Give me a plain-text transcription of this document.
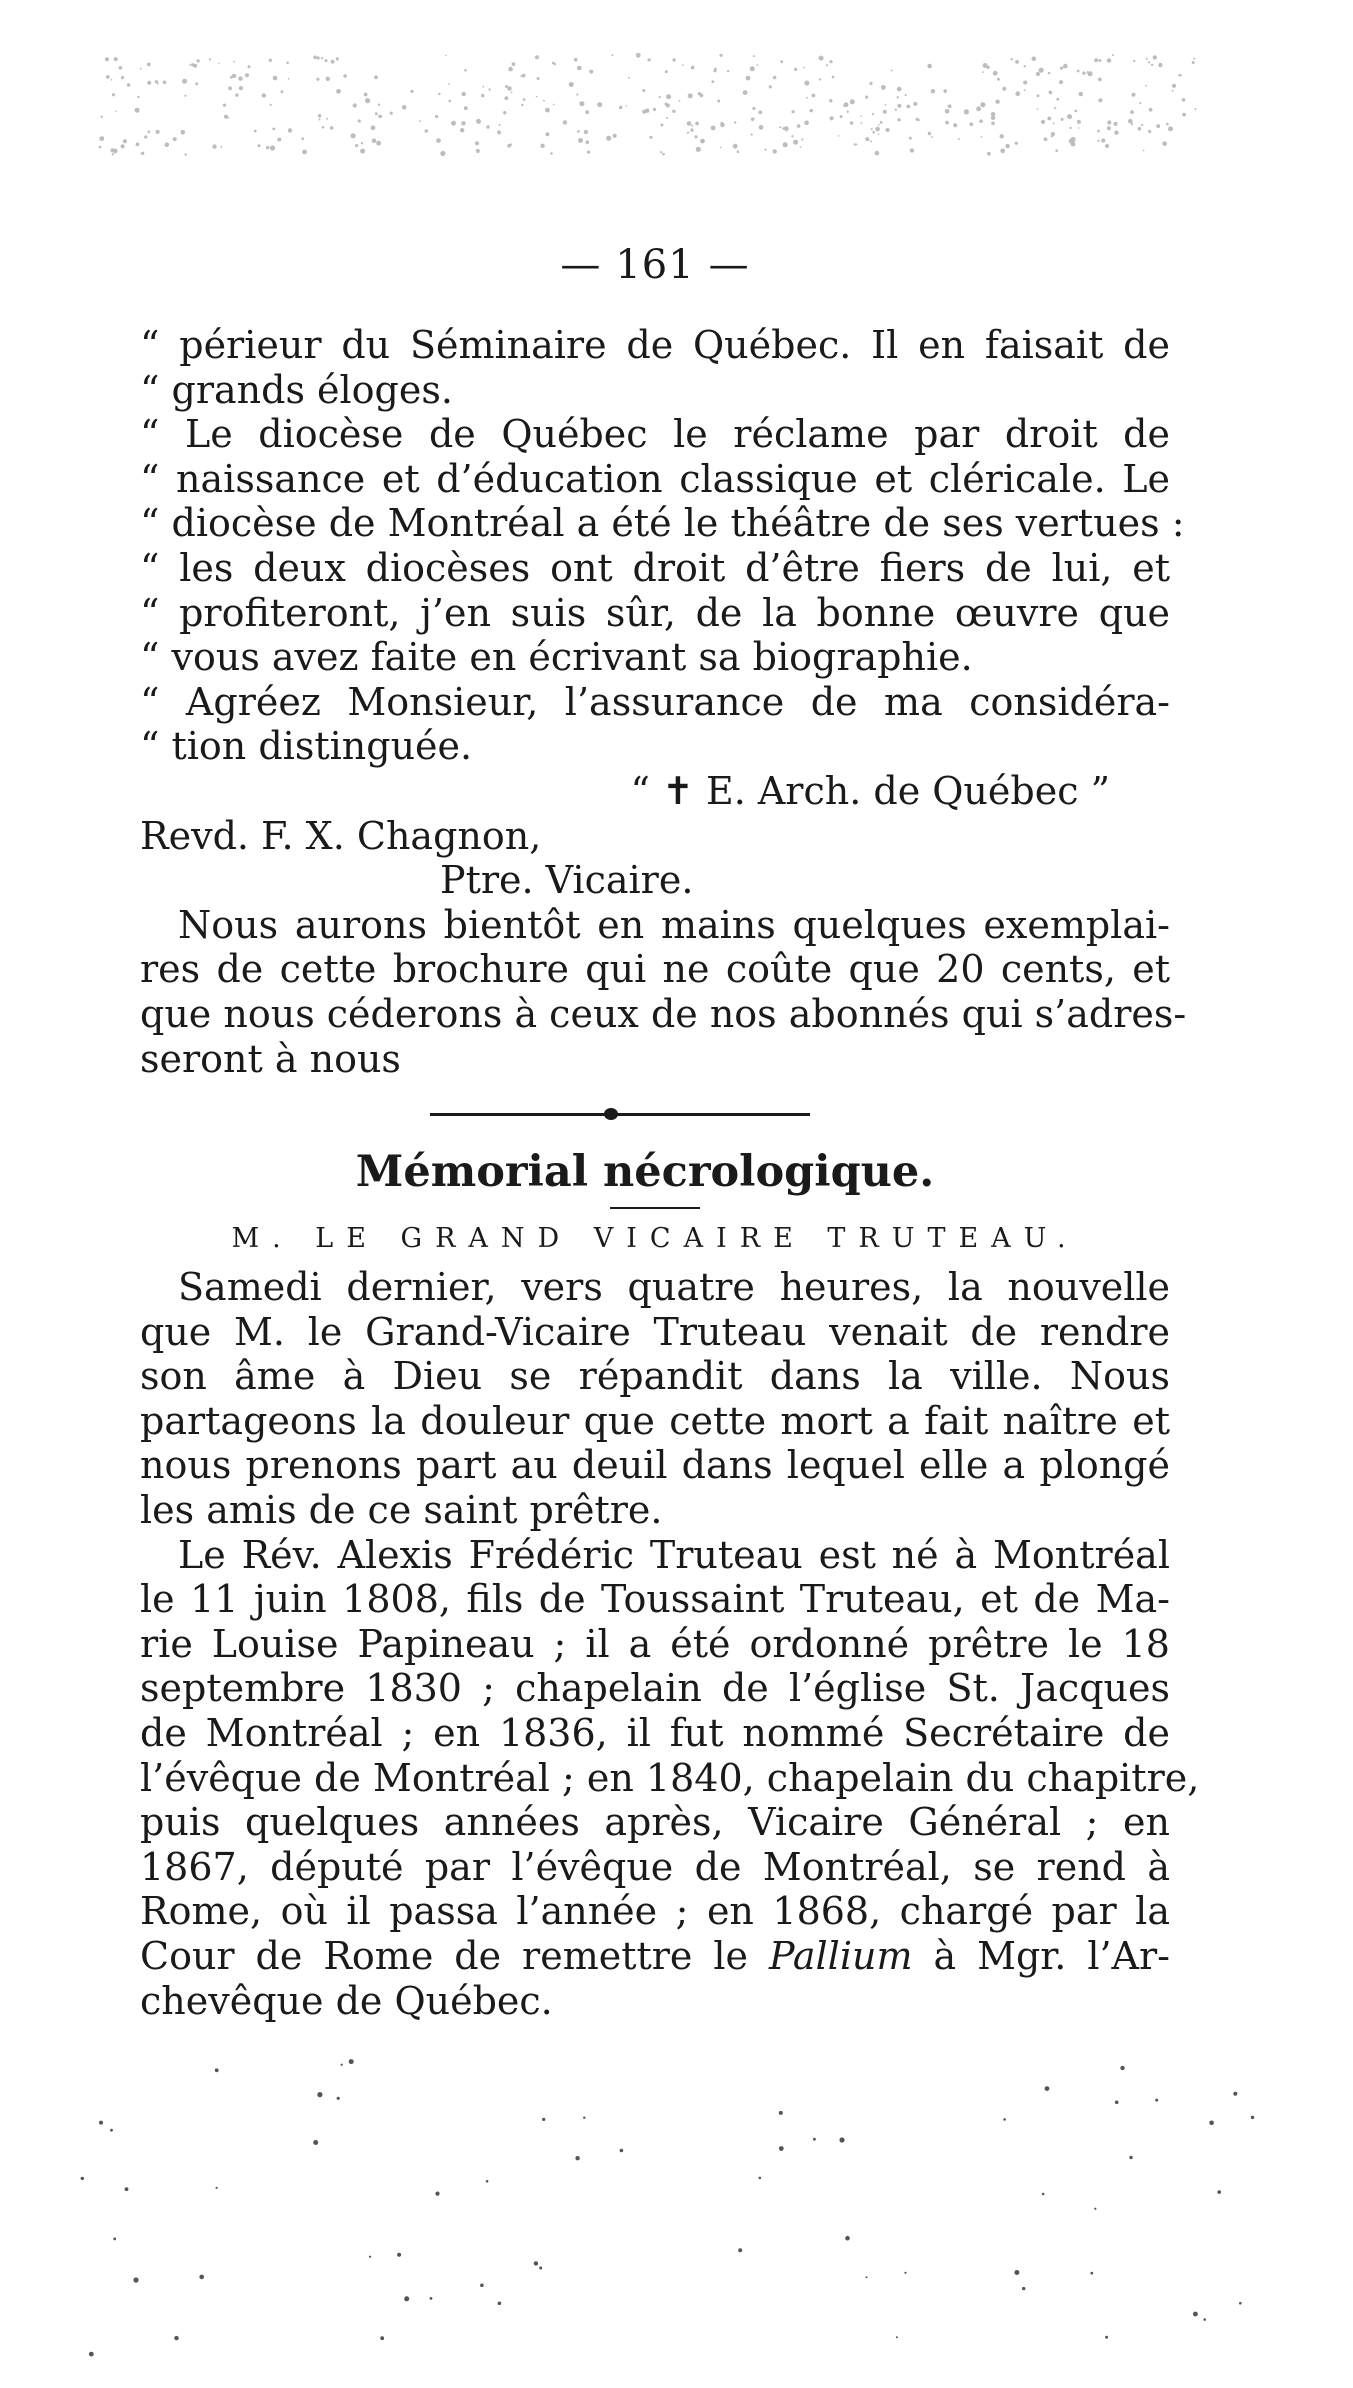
— 161 —
“ périeur du Séminaire de Québec. Il en faisait de
“ grands éloges.
“ Le diocèse de Québec le réclame par droit de
“ naissance et d’éducation classique et cléricale. Le
“ diocèse de Montréal a été le théâtre de ses vertues :
“ les deux diocèses ont droit d’être fiers de lui, et
“ profiteront, j’en suis sûr, de la bonne œuvre que
“ vous avez faite en écrivant sa biographie.
“ Agréez Monsieur, l’assurance de ma considéra-
“ tion distinguée.
“ ✝ E. Arch. de Québec ”
Revd. F. X. Chagnon,
Ptre. Vicaire.
Nous aurons bientôt en mains quelques exemplai-
res de cette brochure qui ne coûte que 20 cents, et
que nous céderons à ceux de nos abonnés qui s’adres-
seront à nous
Mémorial nécrologique.
M. LE GRAND VICAIRE TRUTEAU.
Samedi dernier, vers quatre heures, la nouvelle
que M. le Grand-Vicaire Truteau venait de rendre
son âme à Dieu se répandit dans la ville. Nous
partageons la douleur que cette mort a fait naître et
nous prenons part au deuil dans lequel elle a plongé
les amis de ce saint prêtre.
Le Rév. Alexis Frédéric Truteau est né à Montréal
le 11 juin 1808, fils de Toussaint Truteau, et de Ma-
rie Louise Papineau ; il a été ordonné prêtre le 18
septembre 1830 ; chapelain de l’église St. Jacques
de Montréal ; en 1836, il fut nommé Secrétaire de
l’évêque de Montréal ; en 1840, chapelain du chapitre,
puis quelques années après, Vicaire Général ; en
1867, député par l’évêque de Montréal, se rend à
Rome, où il passa l’année ; en 1868, chargé par la
Cour de Rome de remettre le Pallium à Mgr. l’Ar-
chevêque de Québec.
